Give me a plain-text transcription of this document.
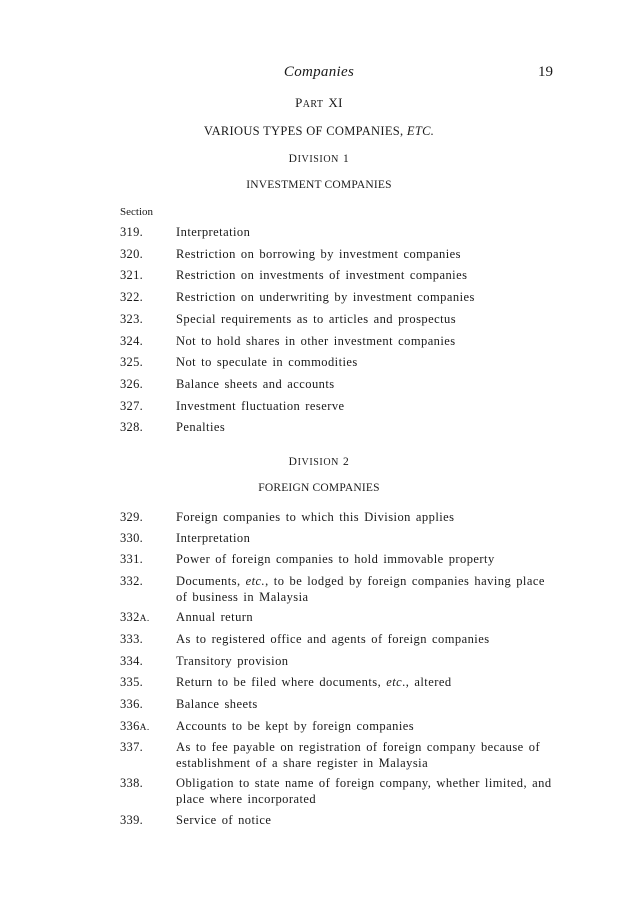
Companies	19
PART XI
VARIOUS TYPES OF COMPANIES, ETC.
DIVISION 1
INVESTMENT COMPANIES
Section
319.	Interpretation
320.	Restriction on borrowing by investment companies
321.	Restriction on investments of investment companies
322.	Restriction on underwriting by investment companies
323.	Special requirements as to articles and prospectus
324.	Not to hold shares in other investment companies
325.	Not to speculate in commodities
326.	Balance sheets and accounts
327.	Investment fluctuation reserve
328.	Penalties
DIVISION 2
FOREIGN COMPANIES
329.	Foreign companies to which this Division applies
330.	Interpretation
331.	Power of foreign companies to hold immovable property
332.	Documents, etc., to be lodged by foreign companies having place of business in Malaysia
332A.	Annual return
333.	As to registered office and agents of foreign companies
334.	Transitory provision
335.	Return to be filed where documents, etc., altered
336.	Balance sheets
336A.	Accounts to be kept by foreign companies
337.	As to fee payable on registration of foreign company because of establishment of a share register in Malaysia
338.	Obligation to state name of foreign company, whether limited, and place where incorporated
339.	Service of notice
